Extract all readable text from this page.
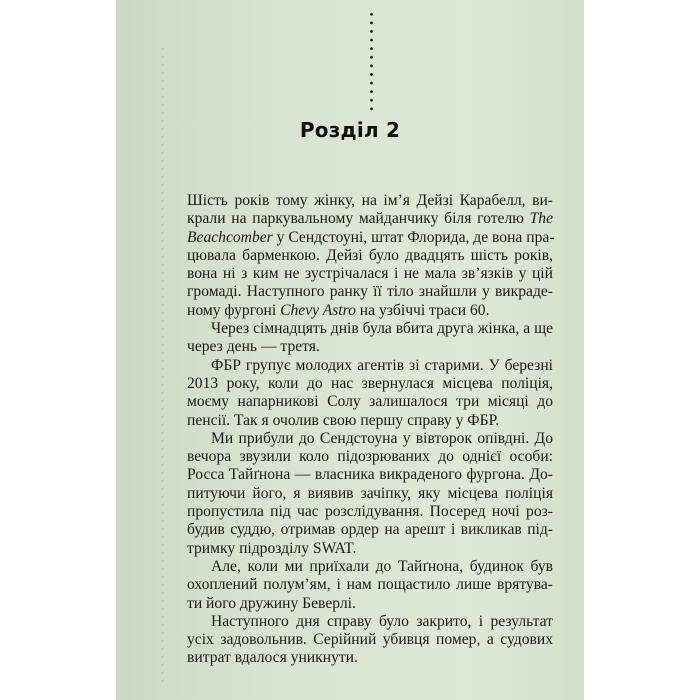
Розділ 2
Шість років тому жінку, на ім’я Дейзі Карабелл, ви-
крали на паркувальному майданчику біля готелю The
Beachcomber у Сендстоуні, штат Флорида, де вона пра-
цювала барменкою. Дейзі було двадцять шість років,
вона ні з ким не зустрічалася і не мала зв’язків у цій
громаді. Наступного ранку її тіло знайшли у викраде-
ному фургоні Chevy Astro на узбіччі траси 60.
Через сімнадцять днів була вбита друга жінка, а ще
через день — третя.
ФБР групує молодих агентів зі старими. У березні
2013 року, коли до нас звернулася місцева поліція,
моєму напарникові Солу залишалося три місяці до
пенсії. Так я очолив свою першу справу у ФБР.
Ми прибули до Сендстоуна у вівторок опівдні. До
вечора звузили коло підозрюваних до однієї особи:
Росса Тайґнона — власника викраденого фургона. До-
питуючи його, я виявив зачіпку, яку місцева поліція
пропустила під час розслідування. Посеред ночі роз-
будив суддю, отримав ордер на арешт і викликав під-
тримку підрозділу SWAT.
Але, коли ми приїхали до Тайґнона, будинок був
охоплений полум’ям, і нам пощастило лише врятува-
ти його дружину Беверлі.
Наступного дня справу було закрито, і результат
усіх задовольнив. Серійний убивця помер, а судових
витрат вдалося уникнути.
